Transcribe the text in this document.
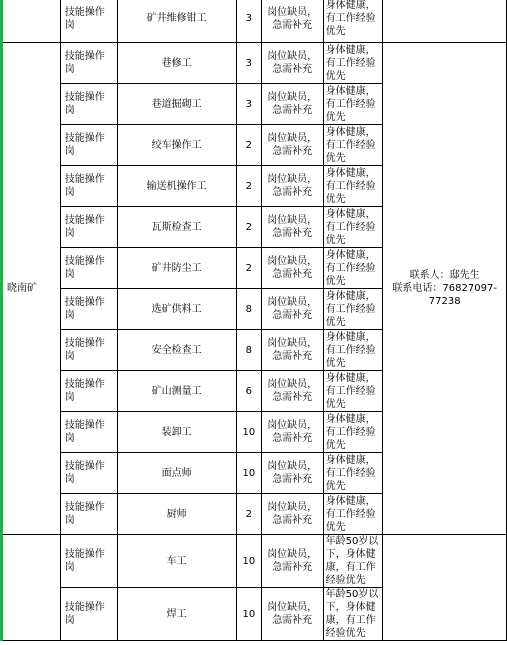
	技能操作
岗	矿井维修钳工	3	岗位缺员，
急需补充	身体健康，
有工作经验
优先	

晓南矿	技能操作
岗	巷修工	3	岗位缺员，
急需补充	身体健康，
有工作经验
优先	联系人：邸先生
联系电话：76827097-
77238

	技能操作
岗	巷道掘砌工	3	岗位缺员，
急需补充	身体健康，
有工作经验
优先	

	技能操作
岗	绞车操作工	2	岗位缺员，
急需补充	身体健康，
有工作经验
优先	

	技能操作
岗	输送机操作工	2	岗位缺员，
急需补充	身体健康，
有工作经验
优先	

	技能操作
岗	瓦斯检查工	2	岗位缺员，
急需补充	身体健康，
有工作经验
优先	

	技能操作
岗	矿井防尘工	2	岗位缺员，
急需补充	身体健康，
有工作经验
优先	

	技能操作
岗	选矿供料工	8	岗位缺员，
急需补充	身体健康，
有工作经验
优先	

	技能操作
岗	安全检查工	8	岗位缺员，
急需补充	身体健康，
有工作经验
优先	

	技能操作
岗	矿山测量工	6	岗位缺员，
急需补充	身体健康，
有工作经验
优先	

	技能操作
岗	装卸工	10	岗位缺员，
急需补充	身体健康，
有工作经验
优先	

	技能操作
岗	面点师	10	岗位缺员，
急需补充	身体健康，
有工作经验
优先	

	技能操作
岗	厨师	2	岗位缺员，
急需补充	身体健康，
有工作经验
优先	

	技能操作
岗	车工	10	岗位缺员，
急需补充	年龄50岁以
下，身体健
康，有工作
经验优先	

	技能操作
岗	焊工	10	岗位缺员，
急需补充	年龄50岁以
下，身体健
康，有工作
经验优先	
